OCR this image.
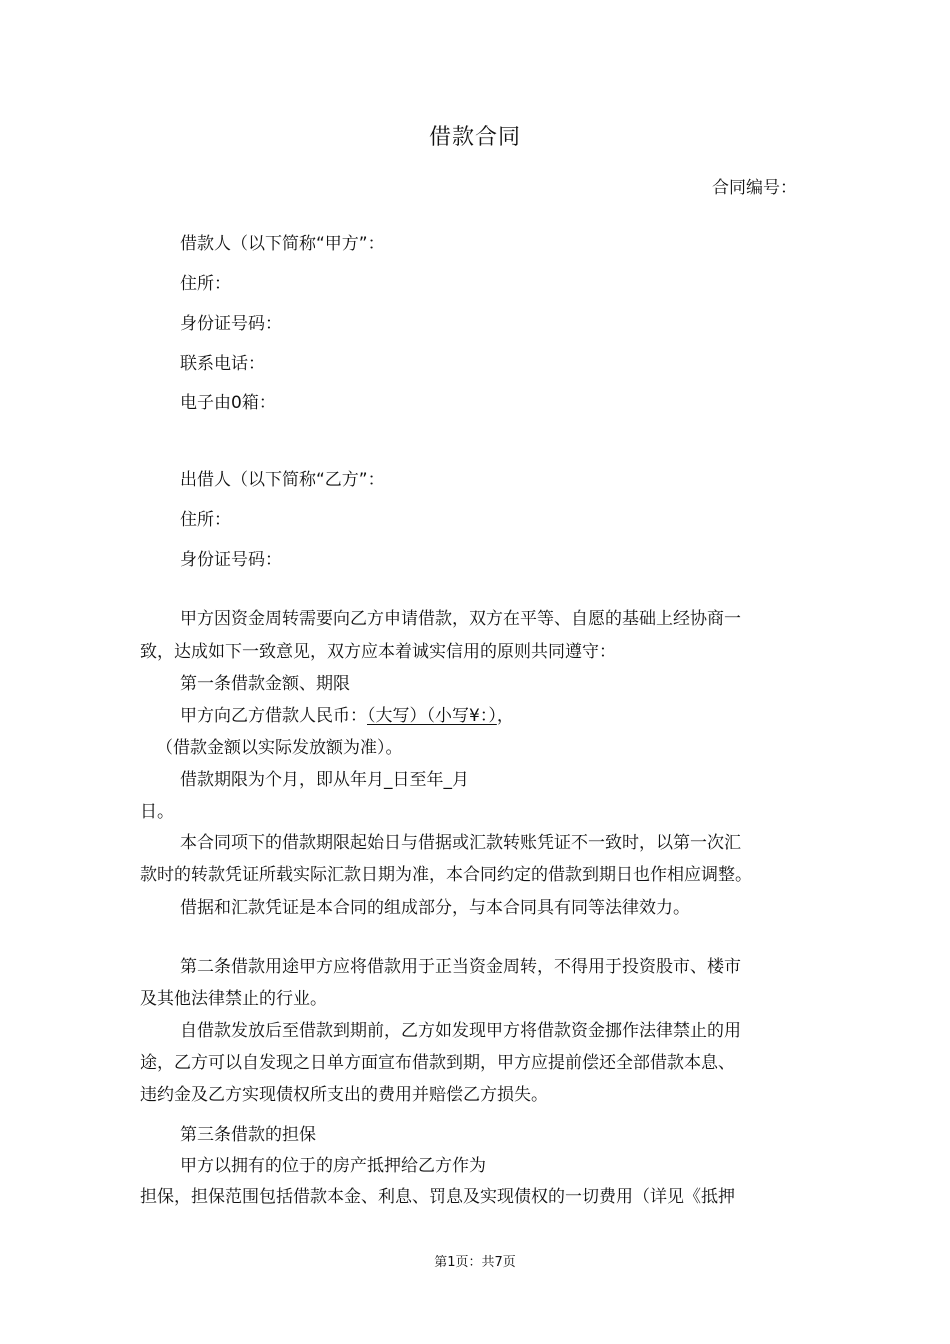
借款合同
合同编号：
借款人（以下简称“甲方”：
住所：
身份证号码：
联系电话：
电子由0箱：
出借人（以下简称“乙方”：
住所：
身份证号码：
甲方因资金周转需要向乙方申请借款，双方在平等、自愿的基础上经协商一
致，达成如下一致意见，双方应本着诚实信用的原则共同遵守：
第一条借款金额、期限
甲方向乙方借款人民币：（大写）（小写¥：），
（借款金额以实际发放额为准）。
借款期限为个月，即从年月_日至年_月
日。
本合同项下的借款期限起始日与借据或汇款转账凭证不一致时，以第一次汇
款时的转款凭证所载实际汇款日期为准，本合同约定的借款到期日也作相应调整。
借据和汇款凭证是本合同的组成部分，与本合同具有同等法律效力。
第二条借款用途甲方应将借款用于正当资金周转，不得用于投资股市、楼市
及其他法律禁止的行业。
自借款发放后至借款到期前，乙方如发现甲方将借款资金挪作法律禁止的用
途，乙方可以自发现之日单方面宣布借款到期，甲方应提前偿还全部借款本息、
违约金及乙方实现债权所支出的费用并赔偿乙方损失。
第三条借款的担保
甲方以拥有的位于的房产抵押给乙方作为
担保，担保范围包括借款本金、利息、罚息及实现债权的一切费用（详见《抵押
第1页：共7页
